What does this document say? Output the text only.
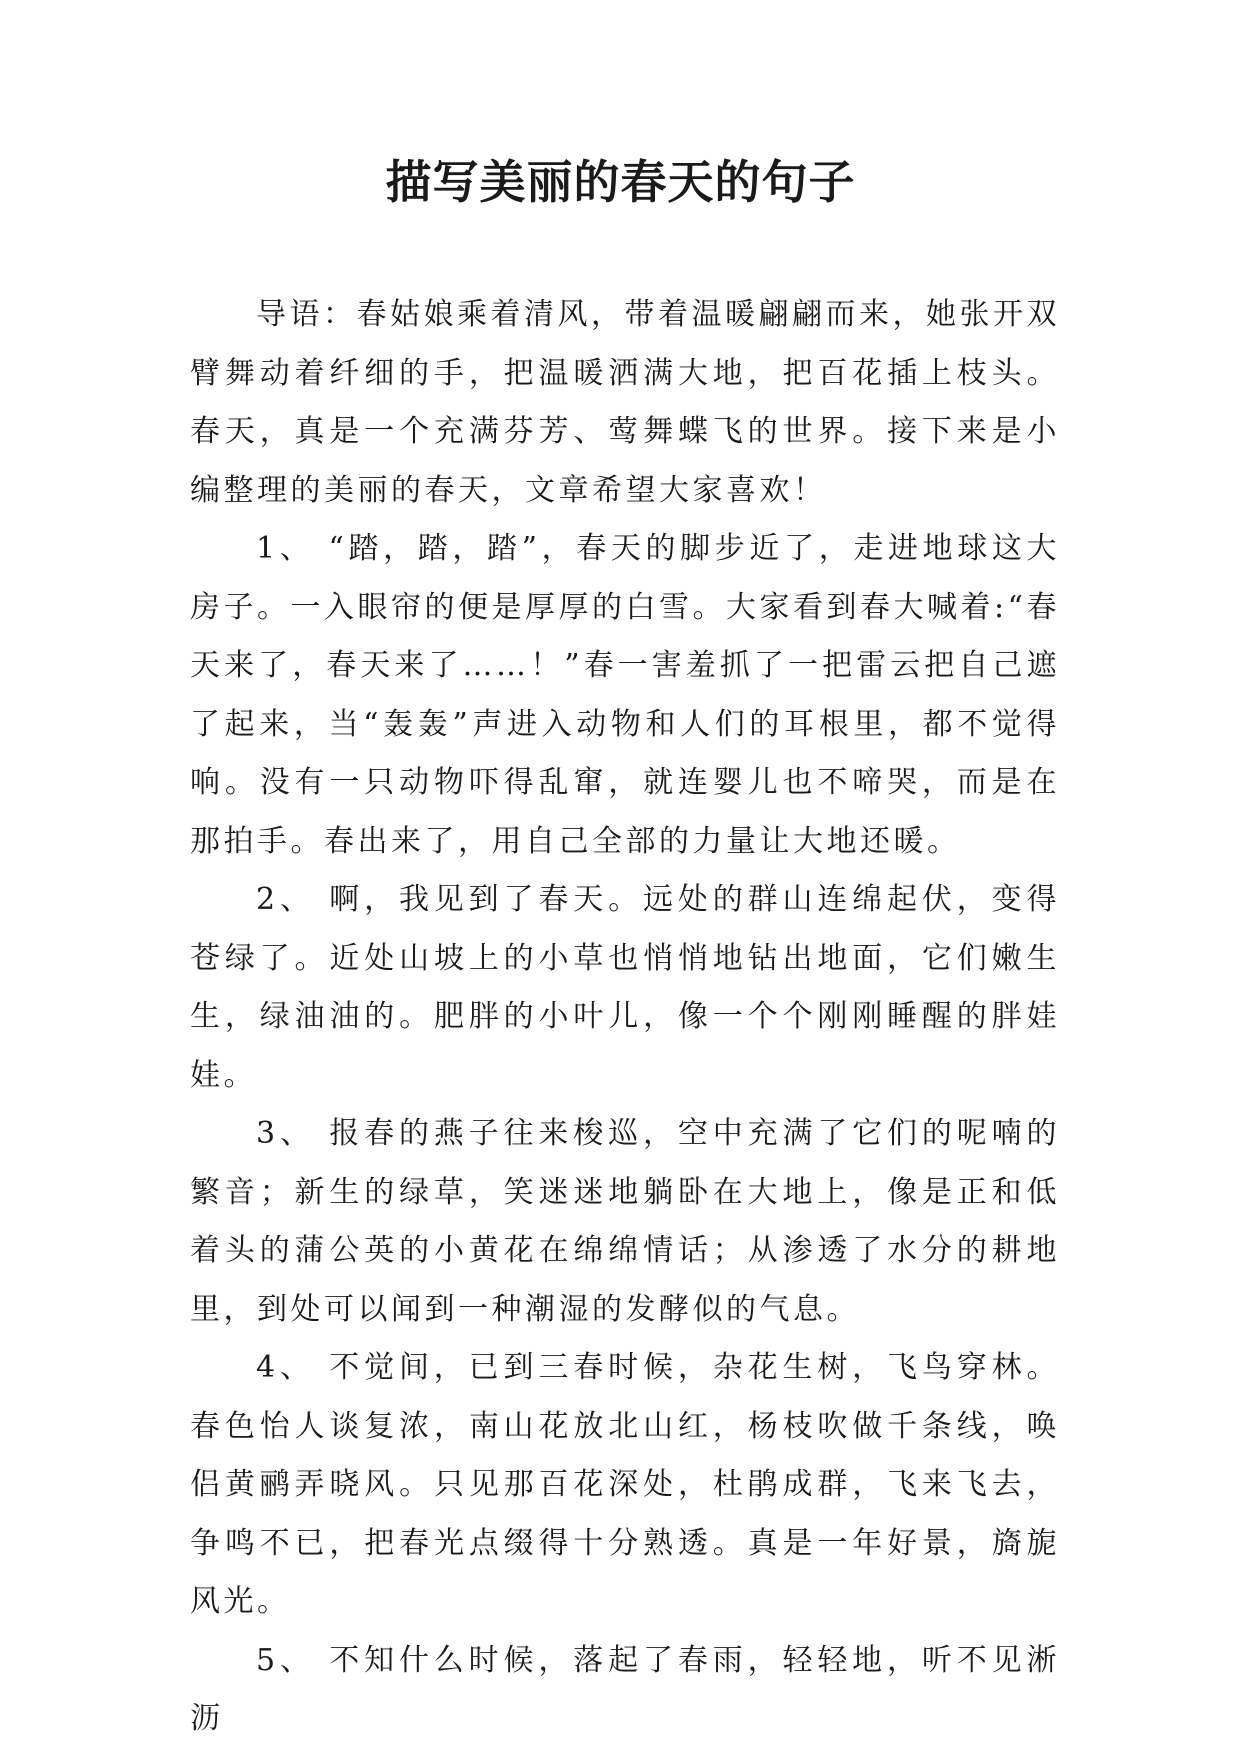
描写美丽的春天的句子

导语：春姑娘乘着清风，带着温暖翩翩而来，她张开双臂舞动着纤细的手，把温暖洒满大地，把百花插上枝头。春天，真是一个充满芬芳、莺舞蝶飞的世界。接下来是小编整理的美丽的春天，文章希望大家喜欢！

1、 “踏，踏，踏”，春天的脚步近了，走进地球这大房子。一入眼帘的便是厚厚的白雪。大家看到春大喊着:“春天来了，春天来了……！”春一害羞抓了一把雷云把自己遮了起来，当“轰轰”声进入动物和人们的耳根里，都不觉得响。没有一只动物吓得乱窜，就连婴儿也不啼哭，而是在那拍手。春出来了，用自己全部的力量让大地还暖。

2、 啊，我见到了春天。远处的群山连绵起伏，变得苍绿了。近处山坡上的小草也悄悄地钻出地面，它们嫩生生，绿油油的。肥胖的小叶儿，像一个个刚刚睡醒的胖娃娃。

3、 报春的燕子往来梭巡，空中充满了它们的呢喃的繁音；新生的绿草，笑迷迷地躺卧在大地上，像是正和低着头的蒲公英的小黄花在绵绵情话；从渗透了水分的耕地里，到处可以闻到一种潮湿的发酵似的气息。

4、 不觉间，已到三春时候，杂花生树，飞鸟穿林。春色怡人谈复浓，南山花放北山红，杨枝吹做千条线，唤侣黄鹂弄晓风。只见那百花深处，杜鹃成群，飞来飞去，争鸣不已，把春光点缀得十分熟透。真是一年好景，旖旎风光。

5、 不知什么时候，落起了春雨，轻轻地，听不见淅沥
